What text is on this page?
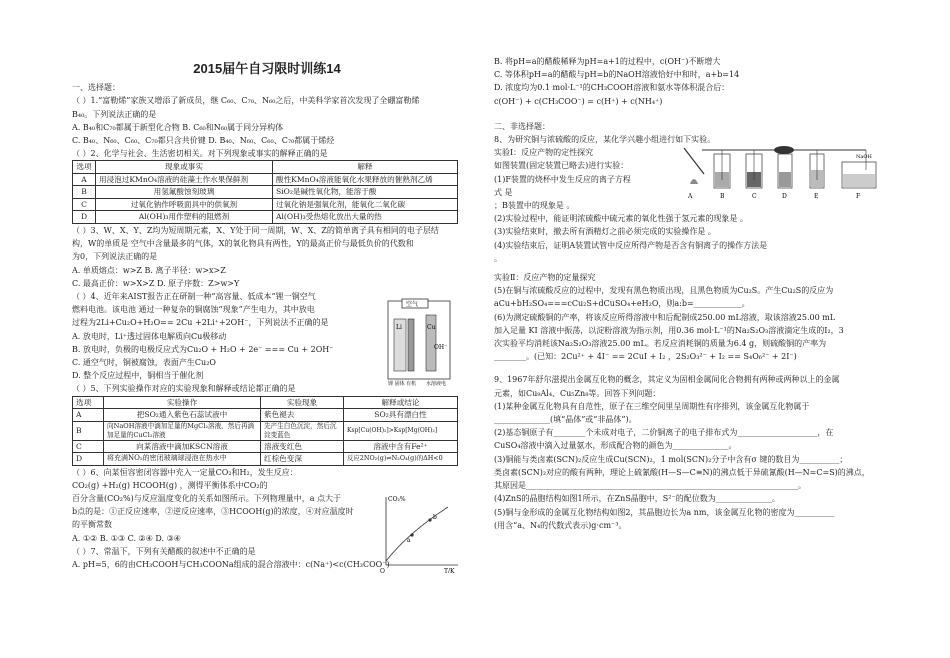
2015届午自习限时训练14
一、选择题：
（ ）1.“富勒烯”家族又增添了新成员，继 C₆₀、C₇₀、N₆₀之后，中美科学家首次发现了全硼富勒烯
B₄₀。下列说法正确的是
A. B₄₀和C₇₀都属于新型化合物 B. C₆₀和N₆₀属于同分异构体
C. B₄₀、N₆₀、C₆₀、C₇₀都只含共价键 D. B₄₀、N₆₀、C₆₀、C₇₀都属于烯烃
（ ）2、化学与社会、生活密切相关。对下列现象或事实的解释正确的是
选项	现象或事实	解释
A	用浸泡过KMnO₄溶液的硅藻土作水果保鲜剂	酸性KMnO₄溶液能氧化水果释放的催熟剂乙烯
B	用氢氟酸蚀刻玻璃	SiO₂是碱性氧化物，能溶于酸
C	过氧化钠作呼吸面具中的供氧剂	过氧化钠是强氧化剂，能氧化二氧化碳
D	Al(OH)₃用作塑料的阻燃剂	Al(OH)₃受热熔化放出大量的热
（ ）3、W、X、Y、Z均为短周期元素，X、Y处于同一周期，W、X、Z的简单离子具有相同的电子层结
构，W的单质是 空气中含量最多的气体，X的氧化物具有两性，Y的最高正价与最低负价的代数和
为0，下列说法正确的是
A. 单质熔点：w>Z B. 离子半径：w>x>Z
C. 最高正价：w>X>Z D. 原子序数：Z>w>Y
（ ）4、近年来AIST报告正在研制一种“高容量、低成本”锂一铜空气
燃料电池。该电池 通过一种复杂的铜腐蚀“现象”产生电力，其中放电
过程为2Li+Cu₂O+H₂O== 2Cu +2Li⁺+2OH⁻，下列说法不正确的是
A. 放电时，Li⁺透过固体电解质向Cu极移动
B. 放电时，负极的电极反应式为Cu₂O + H₂O + 2e⁻ === Cu + 2OH⁻
C. 通空气时，铜被腐蚀，表面产生Cu₂O
D. 整个反应过程中，铜相当于催化剂
（ ）5、下列实验操作对应的实验现象和解释或结论都正确的是
选项	实验操作	实验现象	解释或结论
A	把SO₂通入紫色石蕊试液中	紫色褪去	SO₂具有漂白性
B	向NaOH溶液中滴加足量的MgCl₂溶液，然后再滴加足量的CuCl₂溶液	先产生白色沉淀，然后沉淀变蓝色	Ksp[Cu(OH)₂]>Ksp[Mg(OH)₂]
C	向某溶液中滴加KSCN溶液	溶液变红色	溶液中含有Fe²⁺
D	将充满NO₂的密闭玻璃球浸泡在热水中	红棕色变深	反应2NO₂(g)⇌N₂O₄(g)的ΔH<0
（ ）6、向某恒容密闭容器中充入一定量CO₂和H₂，发生反应：
CO₂(g) +H₂(g) HCOOH(g) ，测得平衡体系中CO₂的
百分含量(CO₂%)与反应温度变化的关系如图所示。下列物理量中，a 点大于
b点的是：①正反应速率，②逆反应速率，③HCOOH(g)的浓度，④对应温度时
的平衡常数
A. ①② B. ①③ C. ②④ D. ③④
（ ）7、常温下，下列有关醋酸的叙述中不正确的是
A. pH=5，6的由CH₃COOH与CH₃COONa组成的混合溶液中：c(Na⁺)<c(CH₃COO⁻)
空气
Li	Cu
OH⁻
锂 固体 有机 水溶液电
CO₂%
T/K
O
a
b
B. 将pH=a的醋酸稀释为pH=a+1的过程中，c(OH⁻)不断增大
C. 等体积pH=a的醋酸与pH=b的NaOH溶液恰好中和时，a+b=14
D. 浓度均为0.1 mol·L⁻¹的CH₃COOH溶液和氨水等体积混合后：
c(OH⁻) + c(CH₃COO⁻) = c(H⁺) + c(NH₄⁺)
二、非选择题：
8、为研究铜与浓硫酸的反应，某化学兴趣小组进行如下实验。
实验Ⅰ：反应产物的定性探究
如图装置(固定装置已略去)进行实验：
(1)F装置的烧杯中发生反应的离子方程
式 是
；B装置中的现象是 。
(2)实验过程中，能证明浓硫酸中硫元素的氧化性强于氢元素的现象是 。
(3)实验结束时，撤去所有酒精灯之前必须完成的实验操作是 。
(4)实验结束后，证明A装置试管中反应所得产物是否含有铜离子的操作方法是
。
实验Ⅱ：反应产物的定量探究
(5)在铜与浓硫酸反应的过程中，发现有黑色物质出现，且黑色物质为Cu₂S。产生Cu₂S的反应为
aCu+bH₂SO₄===cCu₂S+dCuSO₄+eH₂O，则a:b=____________。
(6)为测定硫酸铜的产率，将该反应所得溶液中和后配制成250.00 mL溶液，取该溶液25.00 mL
加入足量 KI 溶液中振荡，以淀粉溶液为指示剂，用0.36 mol·L⁻¹的Na₂S₂O₃溶液滴定生成的I₂，3
次实验平均消耗该Na₂S₂O₃溶液25.00 mL。若反应消耗铜的质量为6.4 g，则硫酸铜的产率为
________。(已知：2Cu²⁺ + 4I⁻ == 2CuI + I₂ ，2S₂O₃²⁻ + I₂ == S₄O₆²⁻ + 2I⁻)
9、1967年舒尔滋提出金属互化物的概念，其定义为固相金属间化合物拥有两种或两种以上的金属
元素，如Cu₉Al₄、Cu₅Zn₈等。回答下列问题：
(1)某种金属互化物具有自范性，原子在三维空间里呈周期性有序排列，该金属互化物属于
______________(填“晶体”或“非晶体”)。
(2)基态铜原子有________个未成对电子，二价铜离子的电子排布式为____________________，在
CuSO₄溶液中滴入过量氨水，形成配合物的颜色为______________。
(3)铜能与类卤素(SCN)₂反应生成Cu(SCN)₂，1 mol(SCN)₂分子中含有σ 键的数目为__________；
类卤素(SCN)₂对应的酸有两种，理论上硫氰酸(H—S—C≡N)的沸点低于异硫氰酸(H—N=C=S)的沸点，
其原因是____________________________________________________________________。
(4)ZnS的晶胞结构如图1所示，在ZnS晶胞中，S²⁻的配位数为______________。
(5)铜与金形成的金属互化物结构如图2，其晶胞边长为a nm，该金属互化物的密度为__________
(用含“a、N₄的代数式表示)g·cm⁻³。
A	B	C	D	E
NaOH
F
